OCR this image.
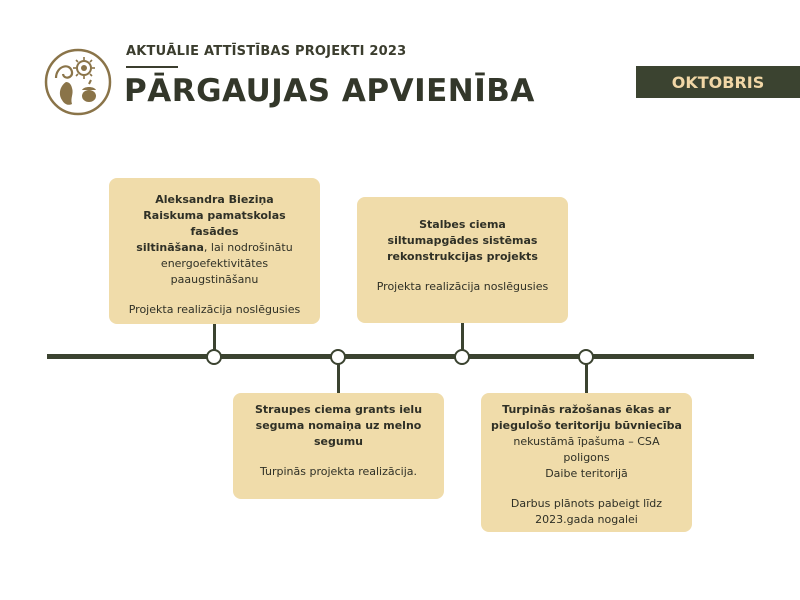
AKTUĀLIE ATTĪSTĪBAS PROJEKTI 2023
PĀRGAUJAS APVIENĪBA	OKTOBRIS
Aleksandra Bieziņa
Raiskuma pamatskolas fasādes
siltināšana, lai nodrošinātu
energoefektivitātes
paaugstināšanu
Projekta realizācija noslēgusies
Straupes ciema grants ielu
seguma nomaiņa uz melno
segumu
Turpinās projekta realizācija.
Stalbes ciema
siltumapgādes sistēmas
rekonstrukcijas projekts
Projekta realizācija noslēgusies
Turpinās ražošanas ēkas ar
piegulošo teritoriju būvniecība
nekustāmā īpašuma – CSA poligons
Daibe teritorijā
Darbus plānots pabeigt līdz
2023.gada nogalei
